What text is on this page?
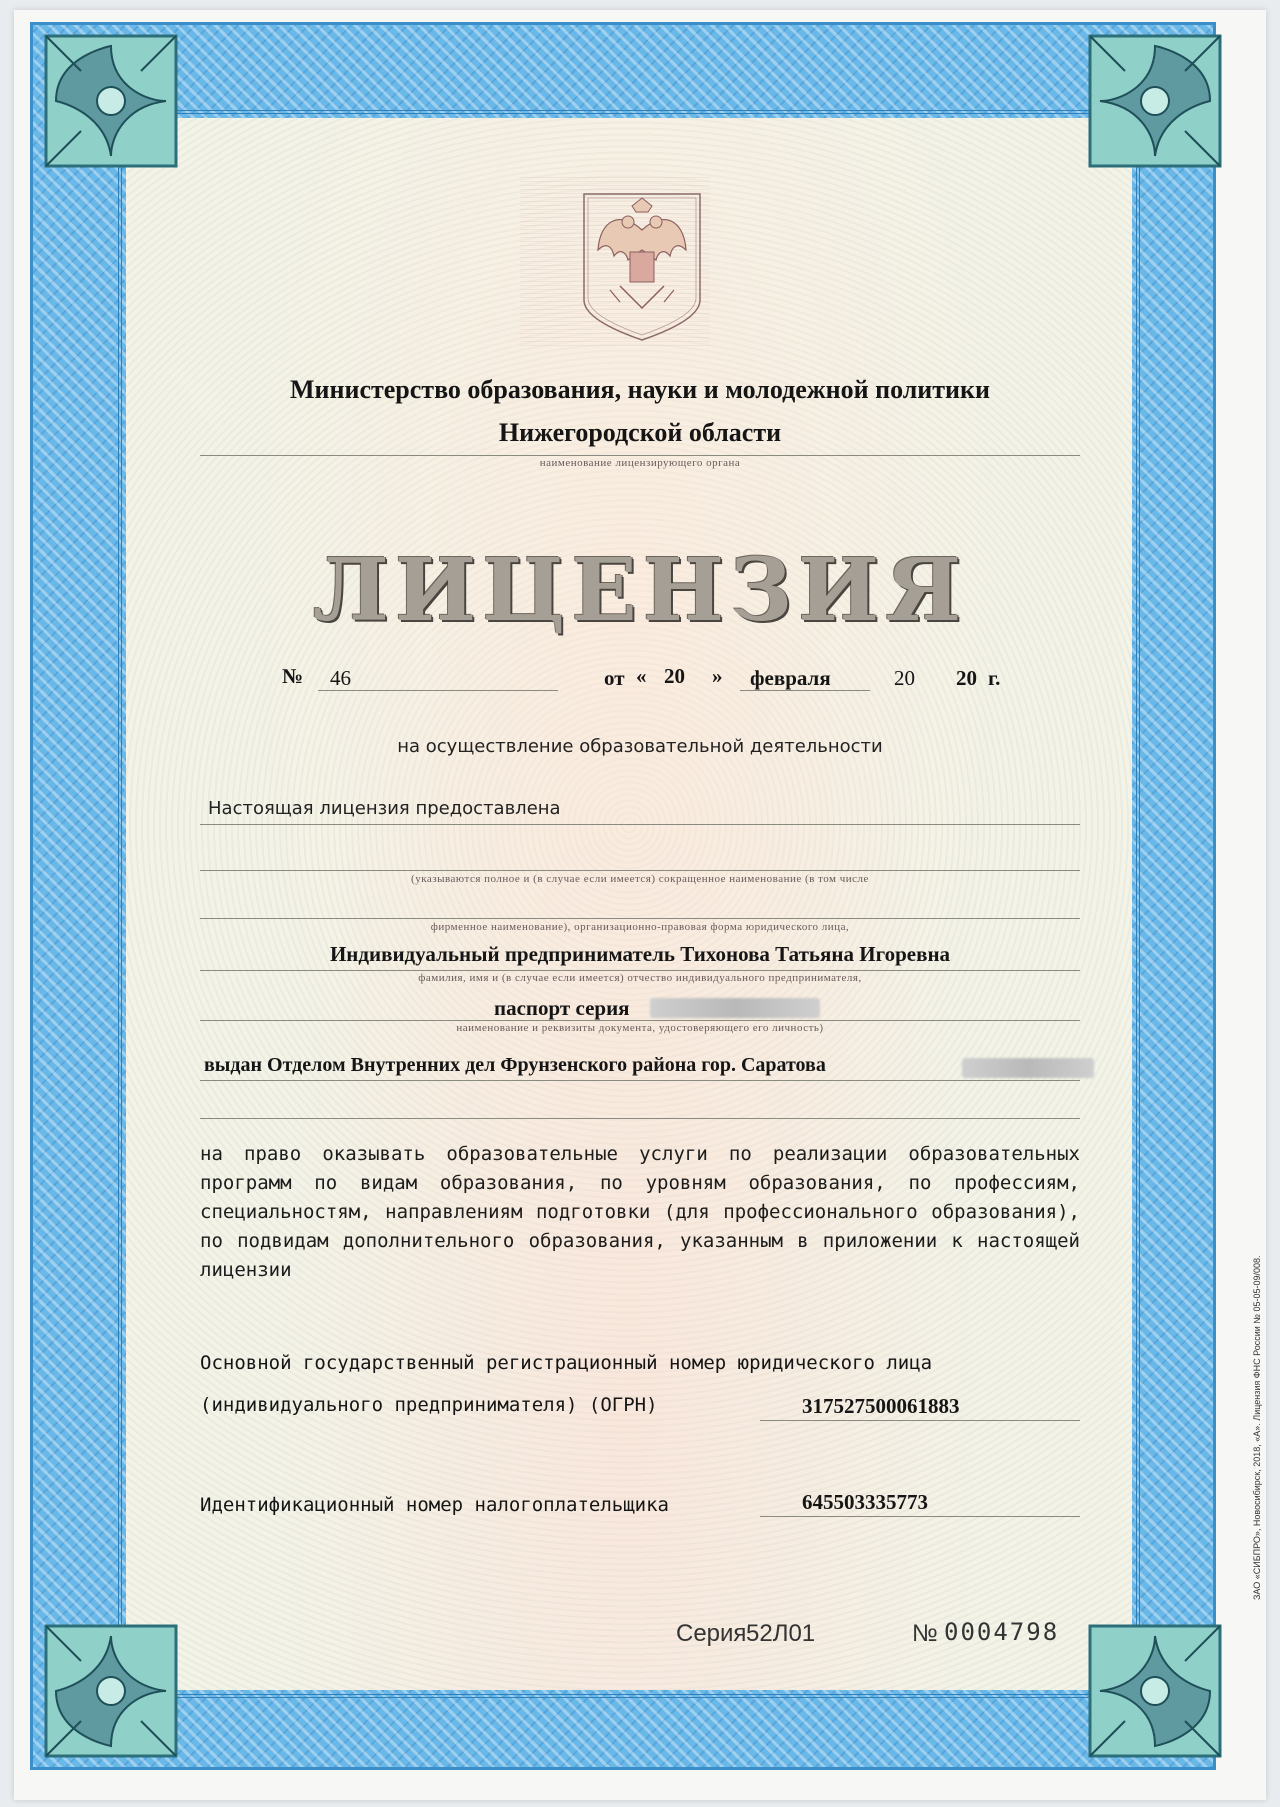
Министерство образования, науки и молодежной политики
Нижегородской области
наименование лицензирующего органа
ЛИЦЕНЗИЯ
№ 46	от « 20 » февраля	20 20 г.
на осуществление образовательной деятельности
Настоящая лицензия предоставлена
(указываются полное и (в случае если имеется) сокращенное наименование (в том числе
фирменное наименование), организационно-правовая форма юридического лица,
Индивидуальный предприниматель Тихонова Татьяна Игоревна
фамилия, имя и (в случае если имеется) отчество индивидуального предпринимателя,
паспорт серия
наименование и реквизиты документа, удостоверяющего его личность)
выдан Отделом Внутренних дел Фрунзенского района гор. Саратова
на право оказывать образовательные услуги по реализации образовательных программ по видам образования, по уровням образования, по профессиям, специальностям, направлениям подготовки (для профессионального образования), по подвидам дополнительного образования, указанным в приложении к настоящей лицензии
Основной государственный регистрационный номер юридического лица
(индивидуального предпринимателя) (ОГРН)	317527500061883
Идентификационный номер налогоплательщика	645503335773
Серия 52Л01	№ 0004798
ЗАО «СИБПРО», Новосибирск, 2018, «А». Лицензия ФНС России № 05-05-09/008.
